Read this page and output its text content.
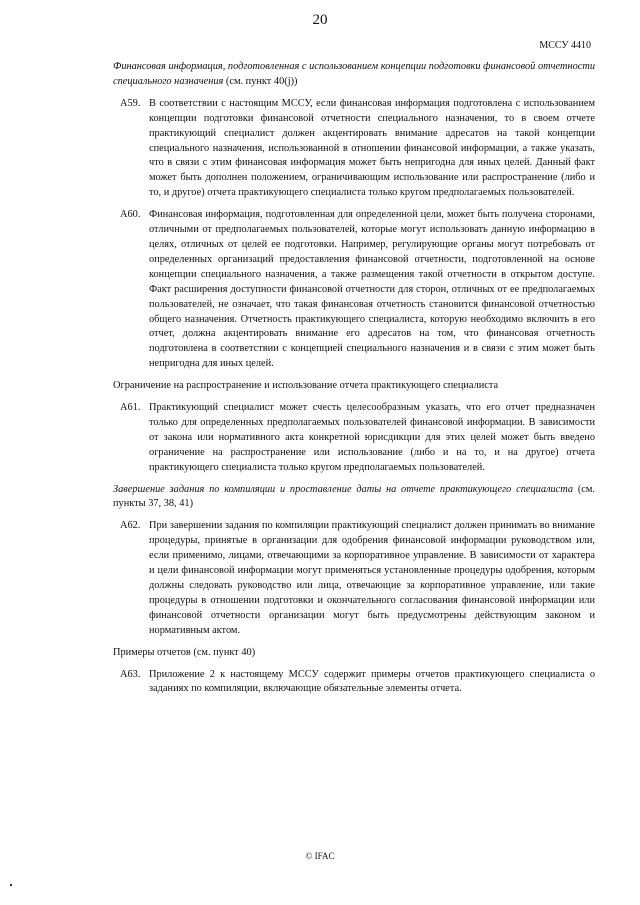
20
МССУ 4410
Финансовая информация, подготовленная с использованием концепции подготовки финансовой отчетности специального назначения (см. пункт 40(j))
A59. В соответствии с настоящим МССУ, если финансовая информация подготовлена с использованием концепции подготовки финансовой отчетности специального назначения, то в своем отчете практикующий специалист должен акцентировать внимание адресатов на такой концепции специального назначения, использованной в отношении финансовой информации, а также указать, что в связи с этим финансовая информация может быть непригодна для иных целей. Данный факт может быть дополнен положением, ограничивающим использование или распространение (либо и то, и другое) отчета практикующего специалиста только кругом предполагаемых пользователей.
A60. Финансовая информация, подготовленная для определенной цели, может быть получена сторонами, отличными от предполагаемых пользователей, которые могут использовать данную информацию в целях, отличных от целей ее подготовки. Например, регулирующие органы могут потребовать от определенных организаций предоставления финансовой отчетности, подготовленной на основе концепции специального назначения, а также размещения такой отчетности в открытом доступе. Факт расширения доступности финансовой отчетности для сторон, отличных от ее предполагаемых пользователей, не означает, что такая финансовая отчетность становится финансовой отчетностью общего назначения. Отчетность практикующего специалиста, которую необходимо включить в его отчет, должна акцентировать внимание его адресатов на том, что финансовая отчетность подготовлена в соответствии с концепцией специального назначения и в связи с этим может быть непригодна для иных целей.
Ограничение на распространение и использование отчета практикующего специалиста
A61. Практикующий специалист может счесть целесообразным указать, что его отчет предназначен только для определенных предполагаемых пользователей финансовой информации. В зависимости от закона или нормативного акта конкретной юрисдикции для этих целей может быть введено ограничение на распространение или использование (либо и на то, и на другое) отчета практикующего специалиста только кругом предполагаемых пользователей.
Завершение задания по компиляции и проставление даты на отчете практикующего специалиста (см. пункты 37, 38, 41)
A62. При завершении задания по компиляции практикующий специалист должен принимать во внимание процедуры, принятые в организации для одобрения финансовой информации руководством или, если применимо, лицами, отвечающими за корпоративное управление. В зависимости от характера и цели финансовой информации могут применяться установленные процедуры одобрения, которым должны следовать руководство или лица, отвечающие за корпоративное управление, или такие процедуры в отношении подготовки и окончательного согласования финансовой информации или финансовой отчетности организации могут быть предусмотрены действующим законом и нормативным актом.
Примеры отчетов (см. пункт 40)
A63. Приложение 2 к настоящему МССУ содержит примеры отчетов практикующего специалиста о заданиях по компиляции, включающие обязательные элементы отчета.
© IFAC
